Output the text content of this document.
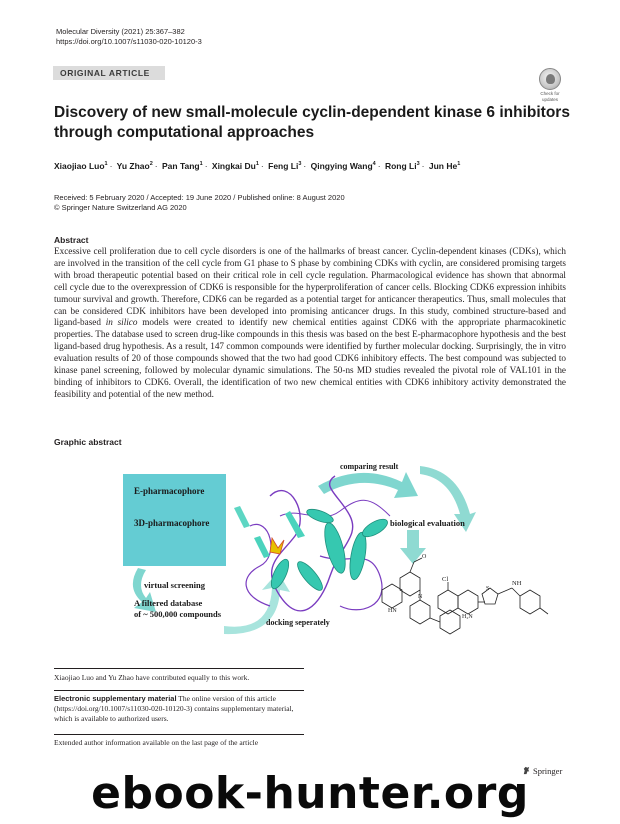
Molecular Diversity (2021) 25:367–382
https://doi.org/10.1007/s11030-020-10120-3
ORIGINAL ARTICLE
Check for
updates
Discovery of new small-molecule cyclin-dependent kinase 6 inhibitors through computational approaches
Xiaojiao Luo$^1$ · Yu Zhao$^2$ · Pan Tang$^1$ · Xingkai $Du^1$ · Feng $Li^3$ · Qingying Wang$^4$ · Rong $Li^3$ · Jun He$^1$
Received: 5 February 2020 / Accepted: 19 June 2020 / Published online: 8 August 2020
© Springer Nature Switzerland AG 2020
Abstract

Excessive cell proliferation due to cell cycle disorders is one of the hallmarks of breast cancer. Cyclin-dependent kinases (CDKs), which are involved in the transition of the cell cycle from G1 phase to S phase by combining CDKs with cyclin, are considered promising targets with broad therapeutic potential based on their critical role in cell cycle regulation. Pharmacological evidence has shown that abnormal cell cycle due to the overexpression of CDK6 is responsible for the hyperproliferation of cancer cells. Blocking CDK6 expression inhibits tumour survival and growth. Therefore, CDK6 can be regarded as a potential target for anticancer therapeutics. Thus, small molecules that can be considered CDK inhibitors have been developed into promising anticancer drugs. In this study, combined structure-based and ligand-based in silico models were created to identify new chemical entities against CDK6 with the appropriate pharmacokinetic properties. The database used to screen drug-like compounds in this thesis was based on the best E-pharmacophore hypothesis and the best ligand-based drug hypothesis. As a result, 147 common compounds were identified by further molecular docking. Surprisingly, the in vitro evaluation results of 20 of those compounds showed that the two had good CDK6 inhibitory effects. The best compound was subjected to kinase panel screening, followed by molecular dynamic simulations. The 50-ns MD studies revealed the pivotal role of VAL101 in the binding of inhibitors to CDK6. Overall, the identification of two new chemical entities with CDK6 inhibitory activity demonstrated the feasibility and potential of the new method.

Graphic abstract
E-pharmacophore
3D-pharmacophore
virtual screening
A filtered database
of ~ 500,000 compounds
docking seperately
comparing result
biological evaluation
Cl
NH
HN
H₂N
O
N
S
Xiaojiao Luo and Yu Zhao have contributed equally to this work.
Electronic supplementary material The online version of this article (https://doi.org/10.1007/s11030-020-10120-3) contains supplementary material, which is available to authorized users.
Extended author information available on the last page of the article
Springer
ebook-hunter.org
